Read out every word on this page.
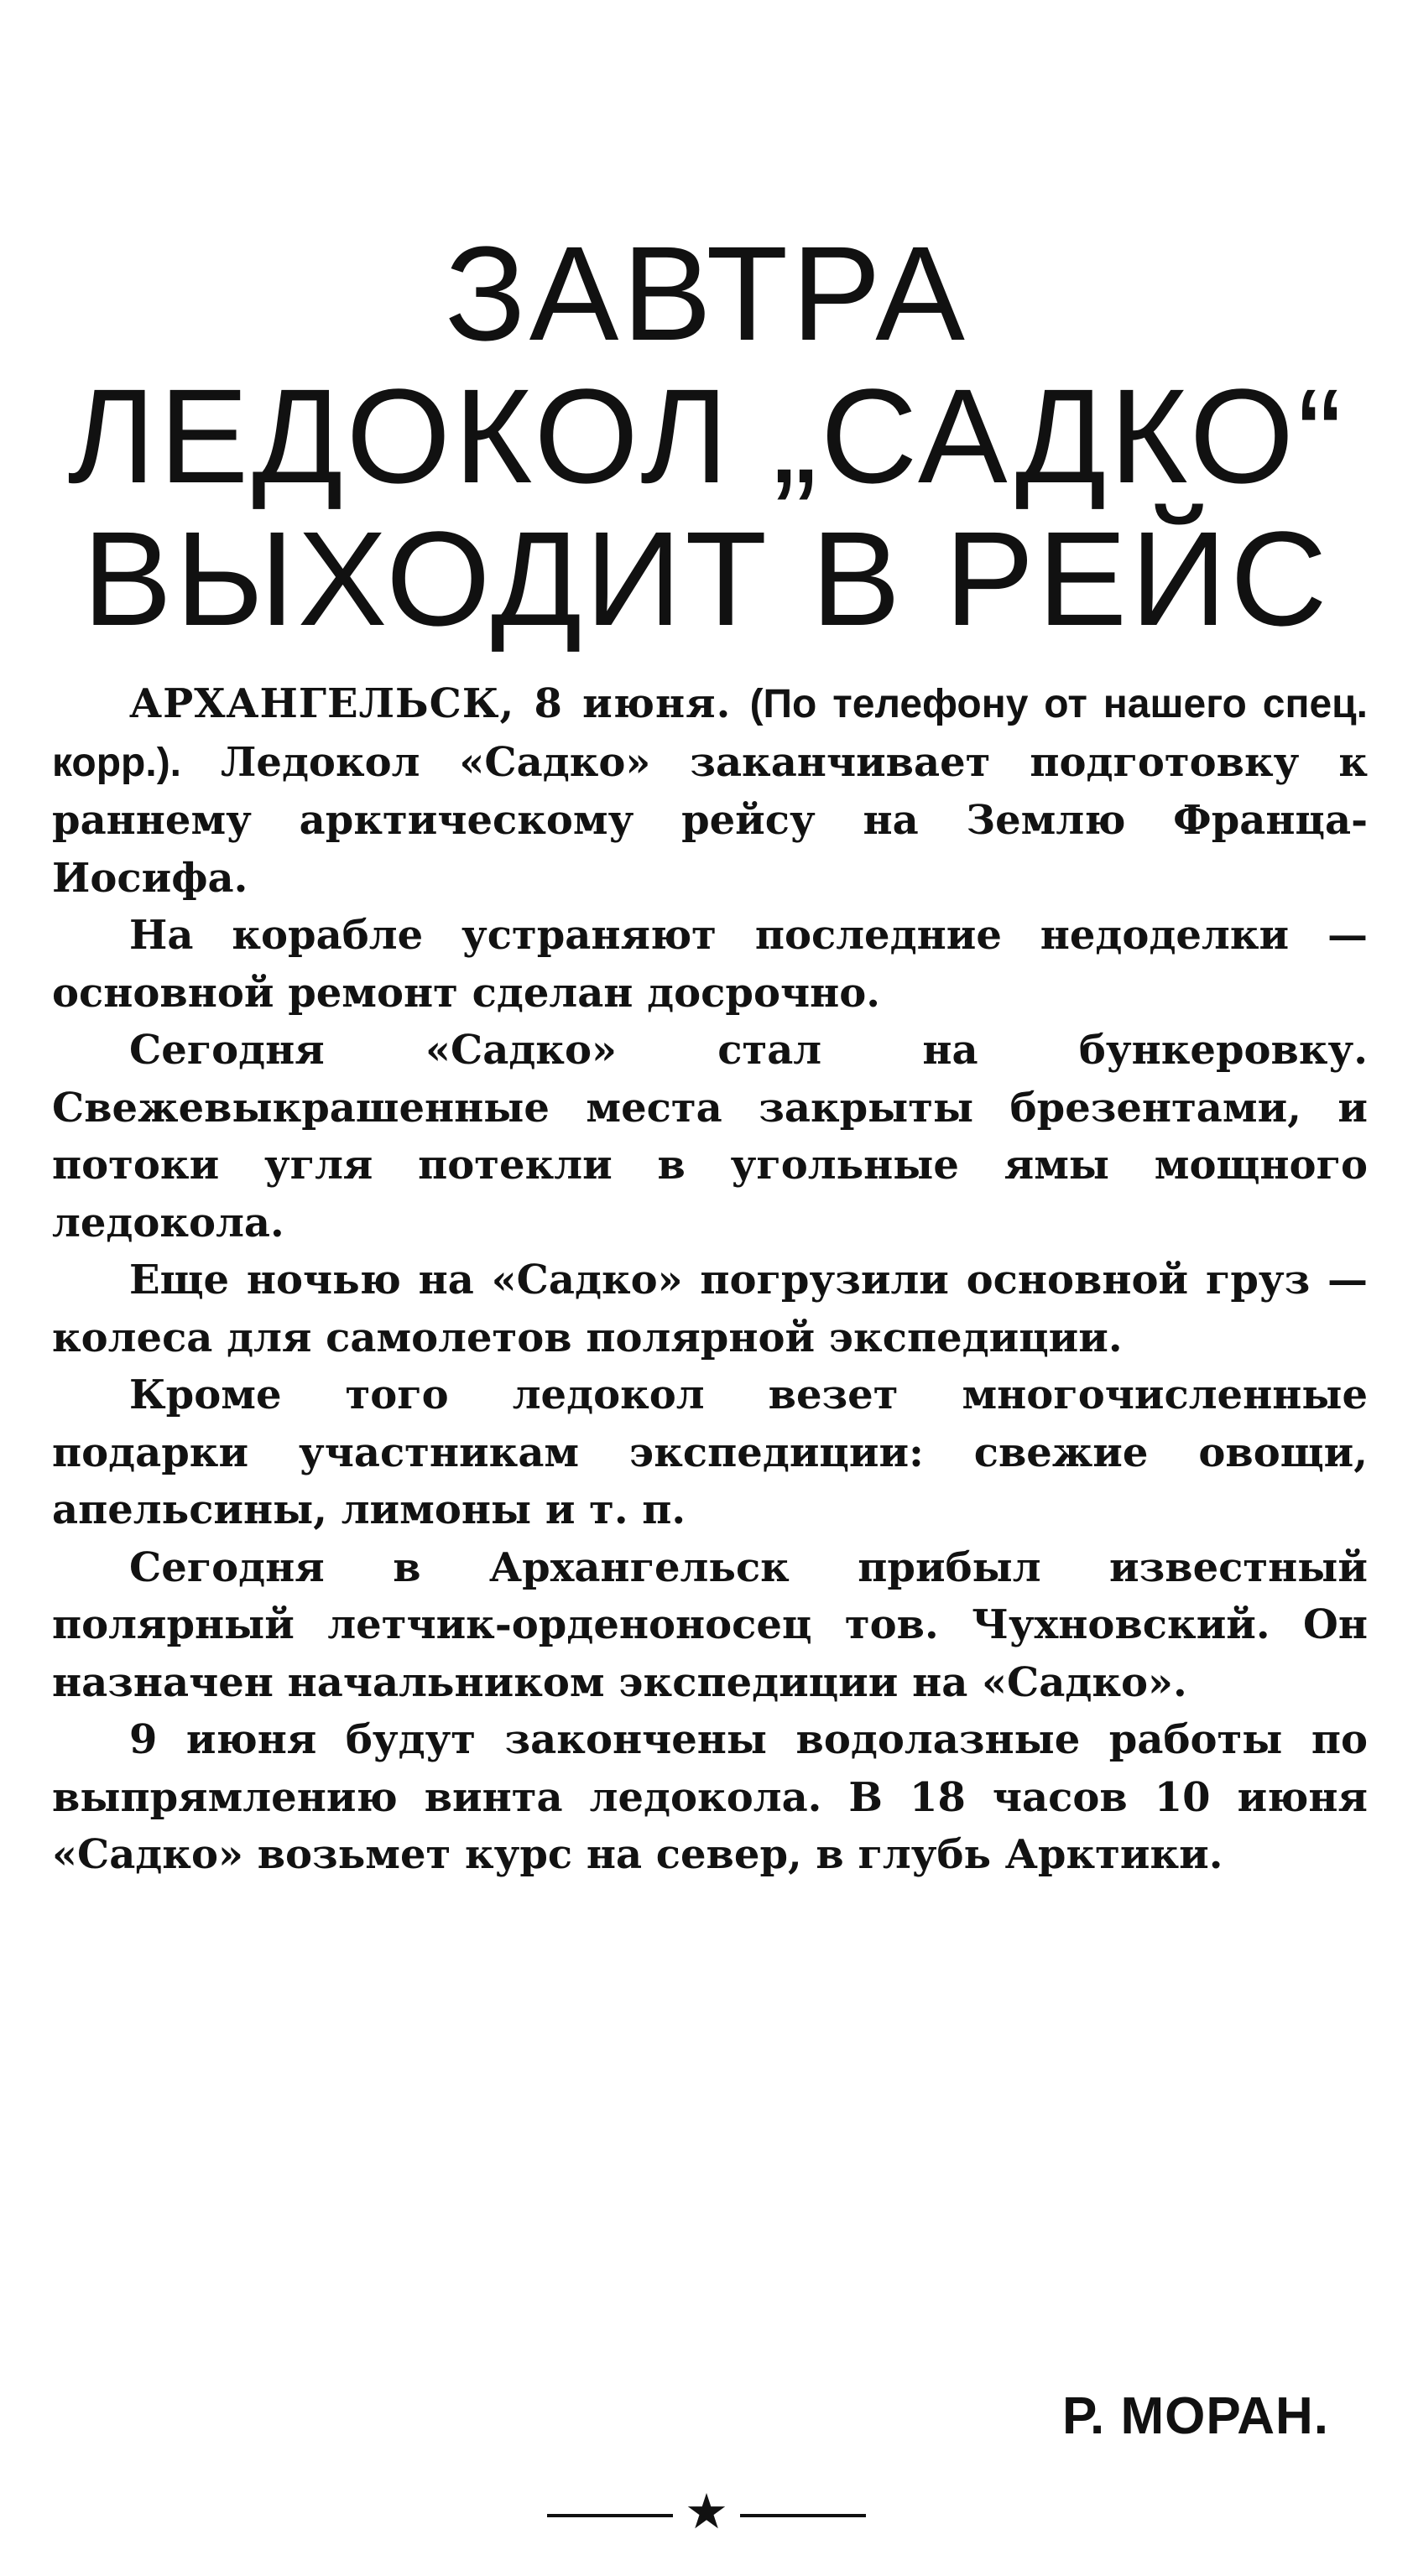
ЗАВТРА
ЛЕДОКОЛ „САДКО“
ВЫХОДИТ В РЕЙС

АРХАНГЕЛЬСК, 8 июня. (По телефону от нашего спец. корр.). Ледокол «Садко» заканчивает подготовку к раннему арктическому рейсу на Землю Франца-Иосифа.

На корабле устраняют последние недоделки — основной ремонт сделан досрочно.

Сегодня «Садко» стал на бункеровку. Свежевыкрашенные места закрыты брезентами, и потоки угля потекли в угольные ямы мощного ледокола.

Еще ночью на «Садко» погрузили основной груз — колеса для самолетов полярной экспедиции.

Кроме того ледокол везет многочисленные подарки участникам экспедиции: свежие овощи, апельсины, лимоны и т. п.

Сегодня в Архангельск прибыл известный полярный летчик-орденоносец тов. Чухновский. Он назначен начальником экспедиции на «Садко».

9 июня будут закончены водолазные работы по выпрямлению винта ледокола. В 18 часов 10 июня «Садко» возьмет курс на север, в глубь Арктики.

Р. МОРАН.
★
